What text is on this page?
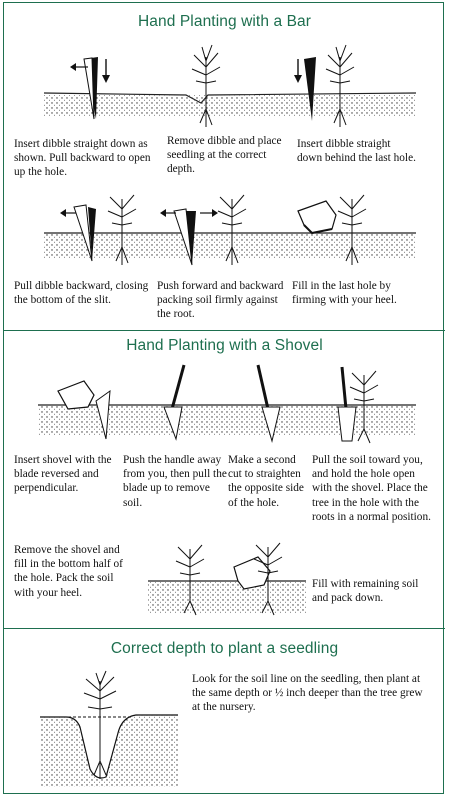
Hand Planting with a Bar

Insert dibble straight down as shown. Pull backward to open up the hole.

Remove dibble and place seedling at the correct depth.

Insert dibble straight down behind the last hole.

Pull dibble backward, closing the bottom of the slit.

Push forward and backward packing soil firmly against the root.

Fill in the last hole by firming with your heel.

Hand Planting with a Shovel

Insert shovel with the blade reversed and perpendicular.

Push the handle away from you, then pull the blade up to remove soil.

Make a second cut to straighten the opposite side of the hole.

Pull the soil toward you, and hold the hole open with the shovel. Place the tree in the hole with the roots in a normal position.

Remove the shovel and fill in the bottom half of the hole. Pack the soil with your heel.

Fill with remaining soil and pack down.

Correct depth to plant a seedling

Look for the soil line on the seedling, then plant at the same depth or ½ inch deeper than the tree grew at the nursery.
